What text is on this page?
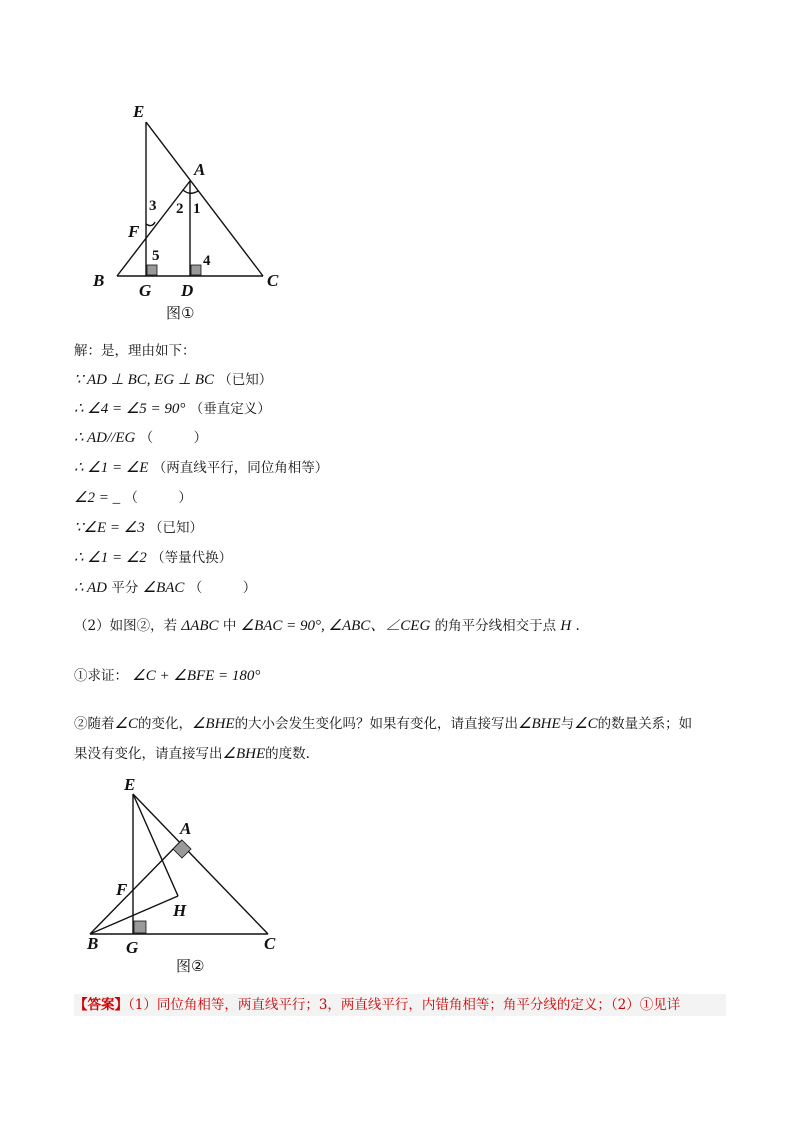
E
A
F
B
G D
C
1
2
3
4
5
图①
解：是，理由如下：
∵ AD ⊥ BC, EG ⊥ BC （已知）
∴ ∠4 = ∠5 = 90° （垂直定义）
∴ AD//EG （　　　）
∴ ∠1 = ∠E （两直线平行，同位角相等）
∠2 = _ （　　　）
∵∠E = ∠3 （已知）
∴ ∠1 = ∠2 （等量代换）
∴ AD 平分 ∠BAC （　　　）
（2）如图②，若 ΔABC 中 ∠BAC = 90°, ∠ABC、∠CEG 的角平分线相交于点 H .
①求证： ∠C + ∠BFE = 180°
②随着∠C的变化，∠BHE的大小会发生变化吗？如果有变化，请直接写出∠BHE与∠C的数量关系；如
果没有变化，请直接写出∠BHE的度数.
E
A
F
H
B G	C
图②
【答案】（1）同位角相等，两直线平行；3，两直线平行，内错角相等；角平分线的定义；（2）①见详
